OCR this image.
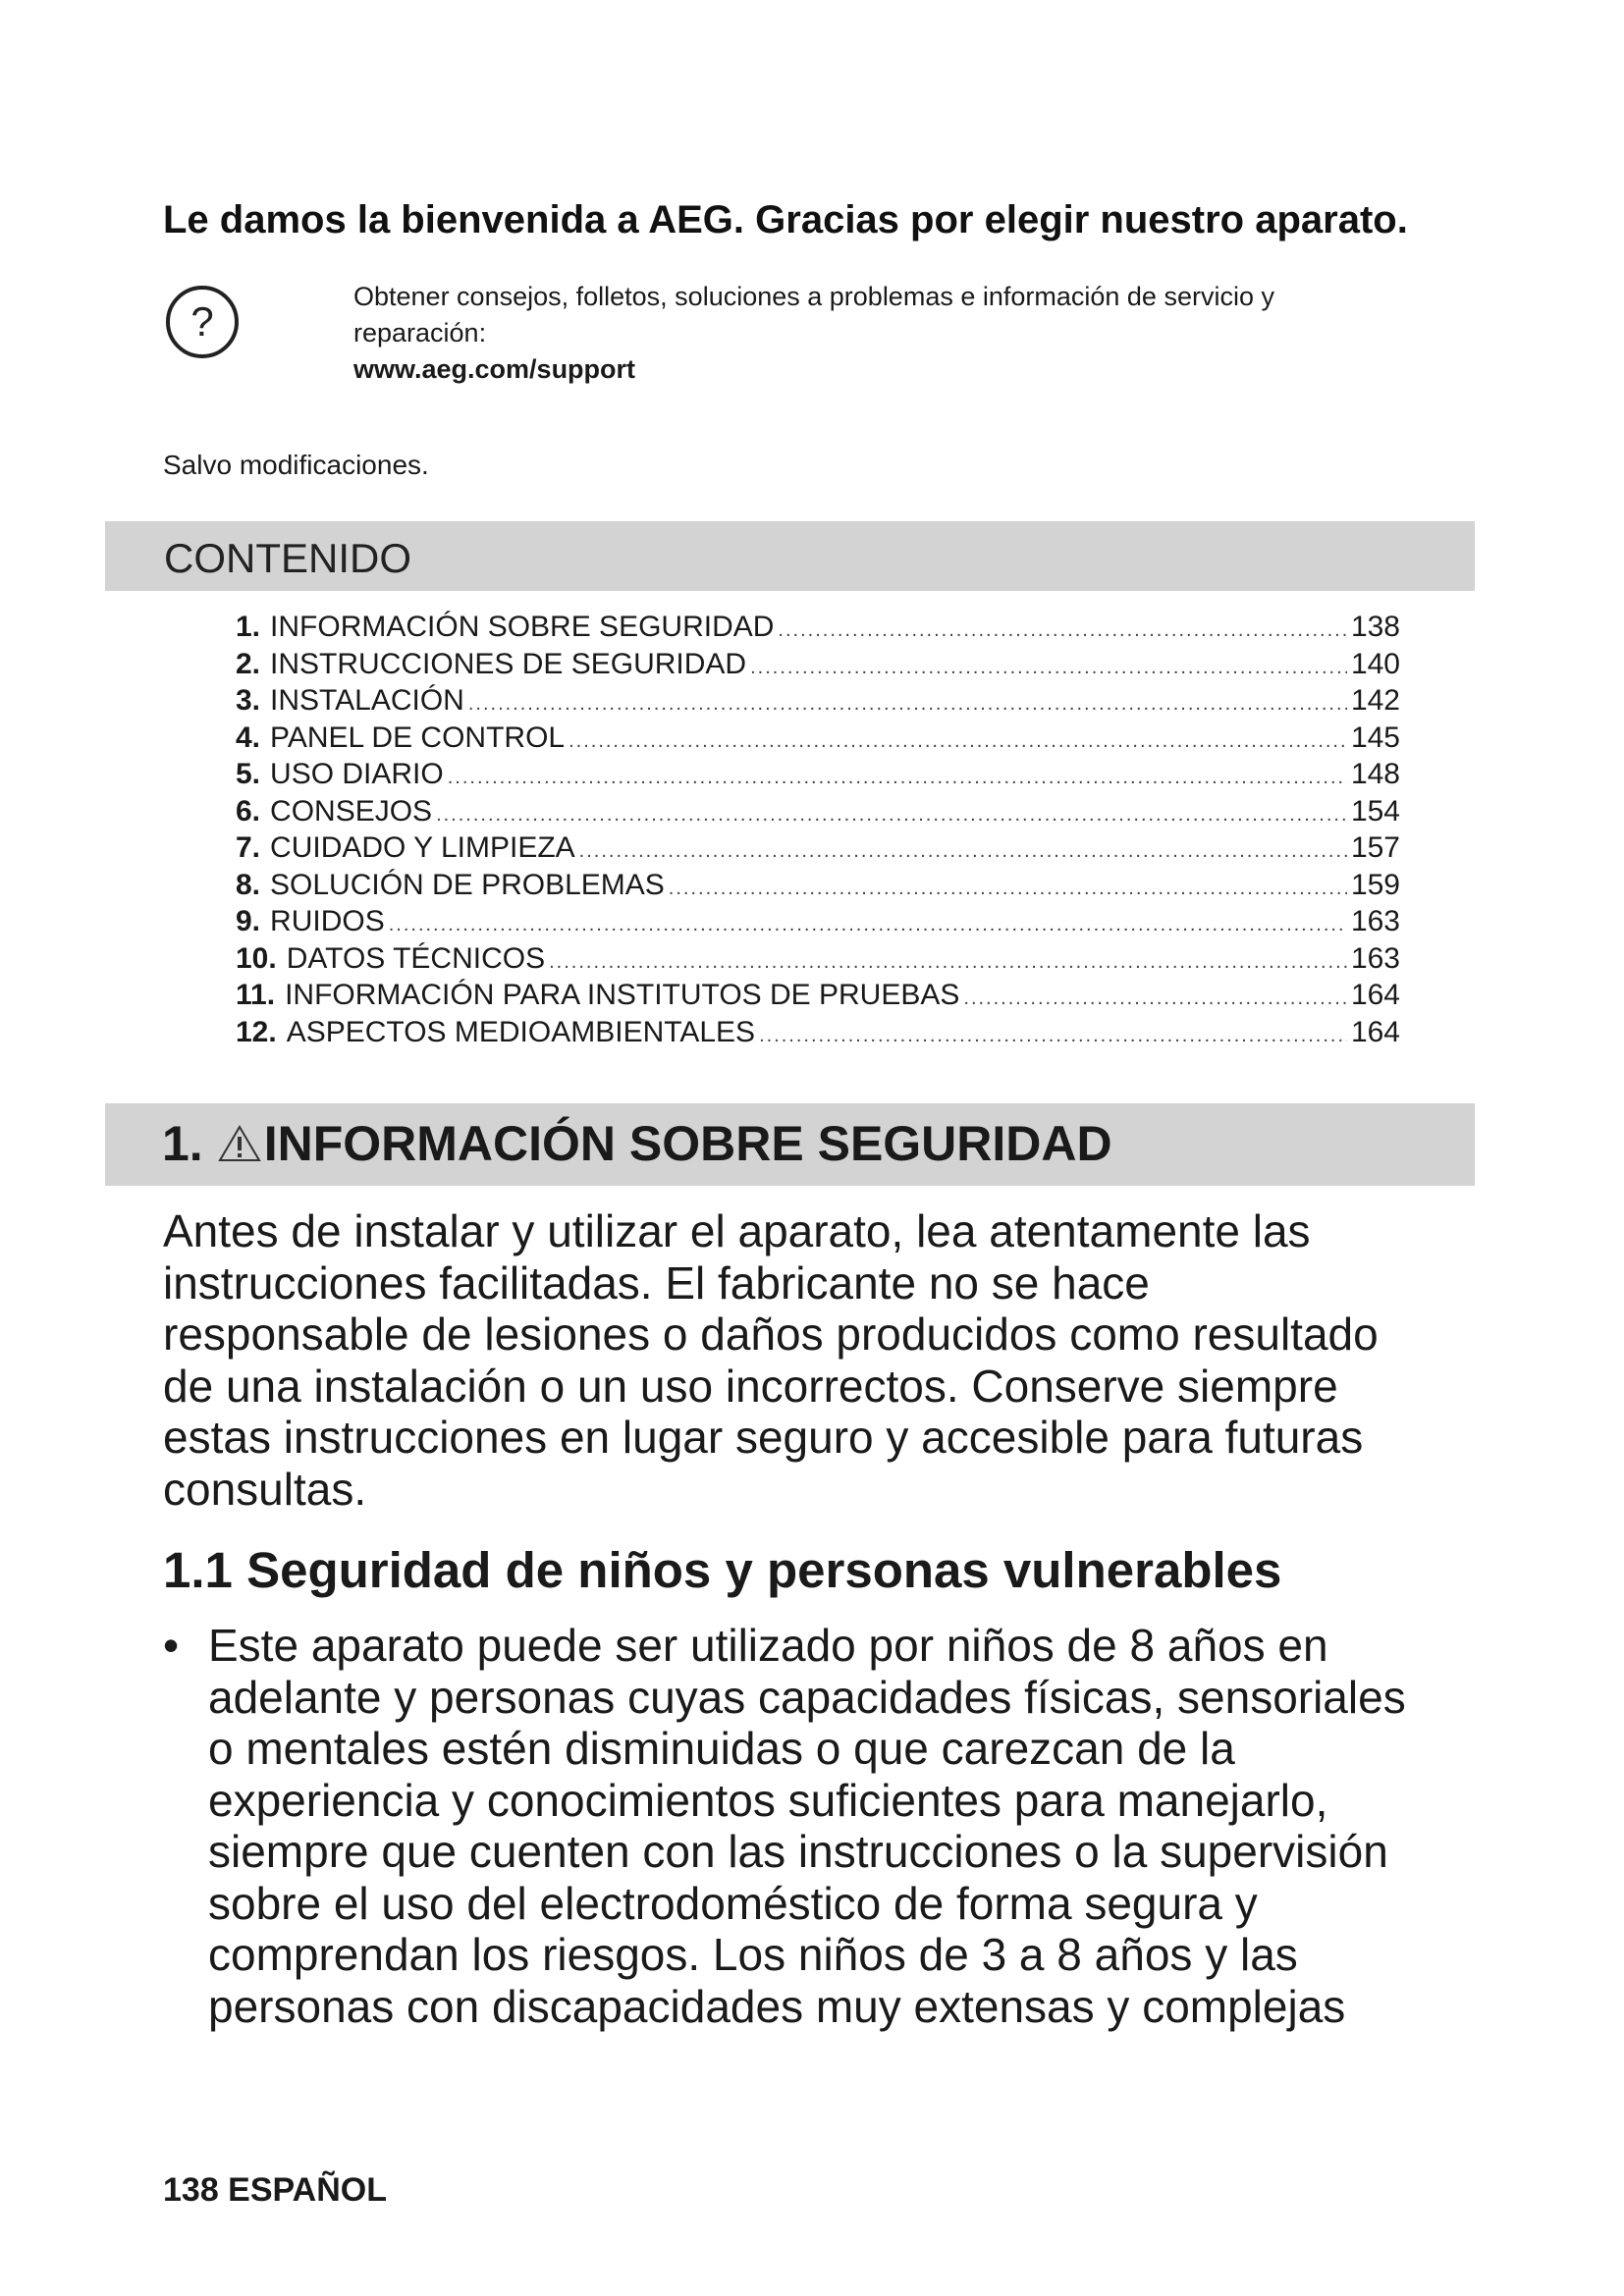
Le damos la bienvenida a AEG. Gracias por elegir nuestro aparato.
?
Obtener consejos, folletos, soluciones a problemas e información de servicio y reparación:
www.aeg.com/support
Salvo modificaciones.
CONTENIDO
1. INFORMACIÓN SOBRE SEGURIDAD .....	138
2. INSTRUCCIONES DE SEGURIDAD .....	140
3. INSTALACIÓN .....	142
4. PANEL DE CONTROL .....	145
5. USO DIARIO .....	148
6. CONSEJOS .....	154
7. CUIDADO Y LIMPIEZA .....	157
8. SOLUCIÓN DE PROBLEMAS .....	159
9. RUIDOS .....	163
10. DATOS TÉCNICOS .....	163
11. INFORMACIÓN PARA INSTITUTOS DE PRUEBAS .....	164
12. ASPECTOS MEDIOAMBIENTALES .....	164
1. INFORMACIÓN SOBRE SEGURIDAD
Antes de instalar y utilizar el aparato, lea atentamente las
instrucciones facilitadas. El fabricante no se hace
responsable de lesiones o daños producidos como resultado
de una instalación o un uso incorrectos. Conserve siempre
estas instrucciones en lugar seguro y accesible para futuras
consultas.
1.1 Seguridad de niños y personas vulnerables
• Este aparato puede ser utilizado por niños de 8 años en
adelante y personas cuyas capacidades físicas, sensoriales
o mentales estén disminuidas o que carezcan de la
experiencia y conocimientos suficientes para manejarlo,
siempre que cuenten con las instrucciones o la supervisión
sobre el uso del electrodoméstico de forma segura y
comprendan los riesgos. Los niños de 3 a 8 años y las
personas con discapacidades muy extensas y complejas
138 ESPAÑOL
